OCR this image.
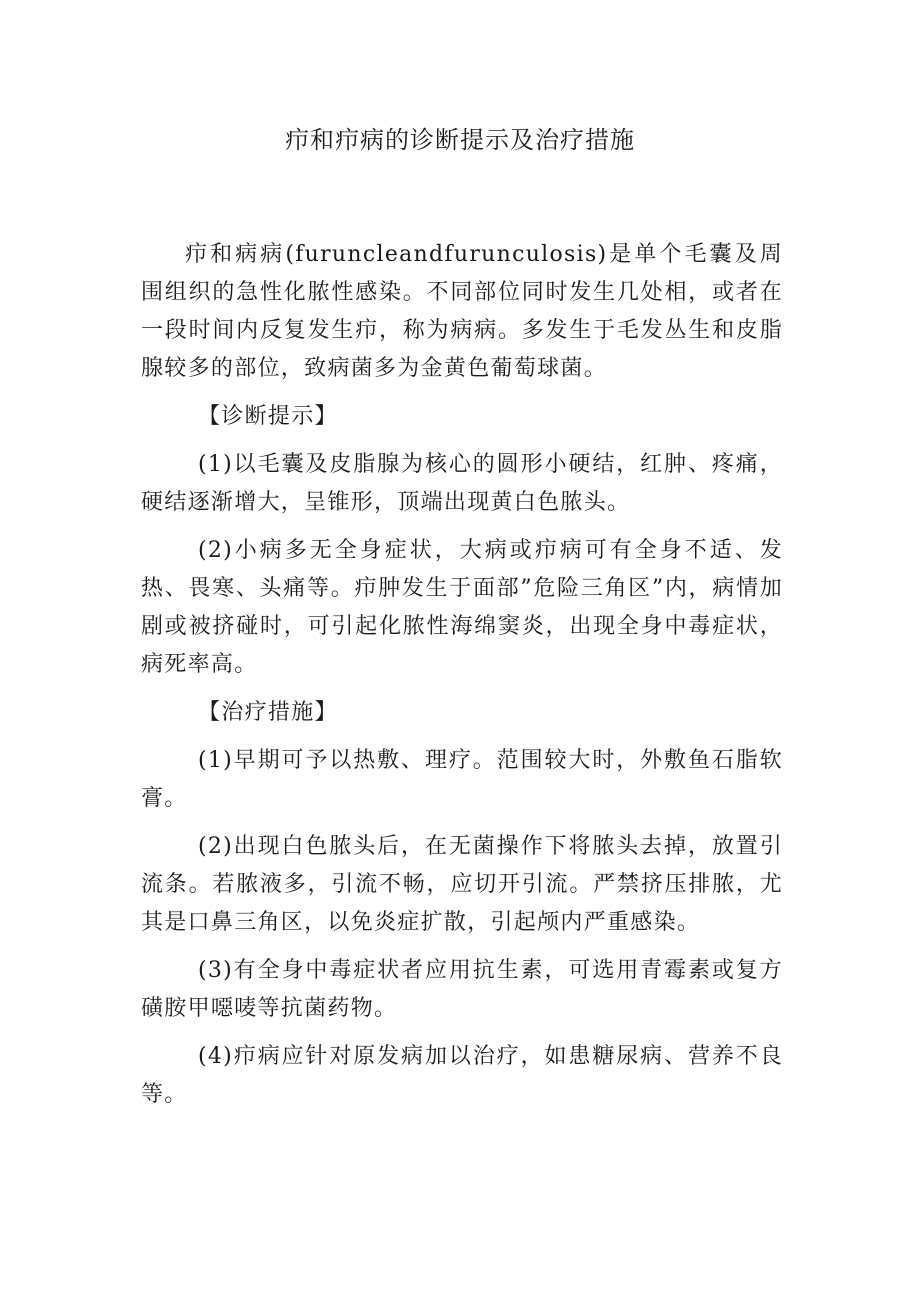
疖和疖病的诊断提示及治疗措施

疖和病病(furuncleandfurunculosis)是单个毛囊及周围组织的急性化脓性感染。不同部位同时发生几处相，或者在一段时间内反复发生疖，称为病病。多发生于毛发丛生和皮脂腺较多的部位，致病菌多为金黄色葡萄球菌。

【诊断提示】

(1)以毛囊及皮脂腺为核心的圆形小硬结，红肿、疼痛，硬结逐渐增大，呈锥形，顶端出现黄白色脓头。

(2)小病多无全身症状，大病或疖病可有全身不适、发热、畏寒、头痛等。疖肿发生于面部”危险三角区”内，病情加剧或被挤碰时，可引起化脓性海绵窦炎，出现全身中毒症状，病死率高。

【治疗措施】

(1)早期可予以热敷、理疗。范围较大时，外敷鱼石脂软膏。

(2)出现白色脓头后，在无菌操作下将脓头去掉，放置引流条。若脓液多，引流不畅，应切开引流。严禁挤压排脓，尤其是口鼻三角区，以免炎症扩散，引起颅内严重感染。

(3)有全身中毒症状者应用抗生素，可选用青霉素或复方磺胺甲噁唛等抗菌药物。

(4)疖病应针对原发病加以治疗，如患糖尿病、营养不良等。
